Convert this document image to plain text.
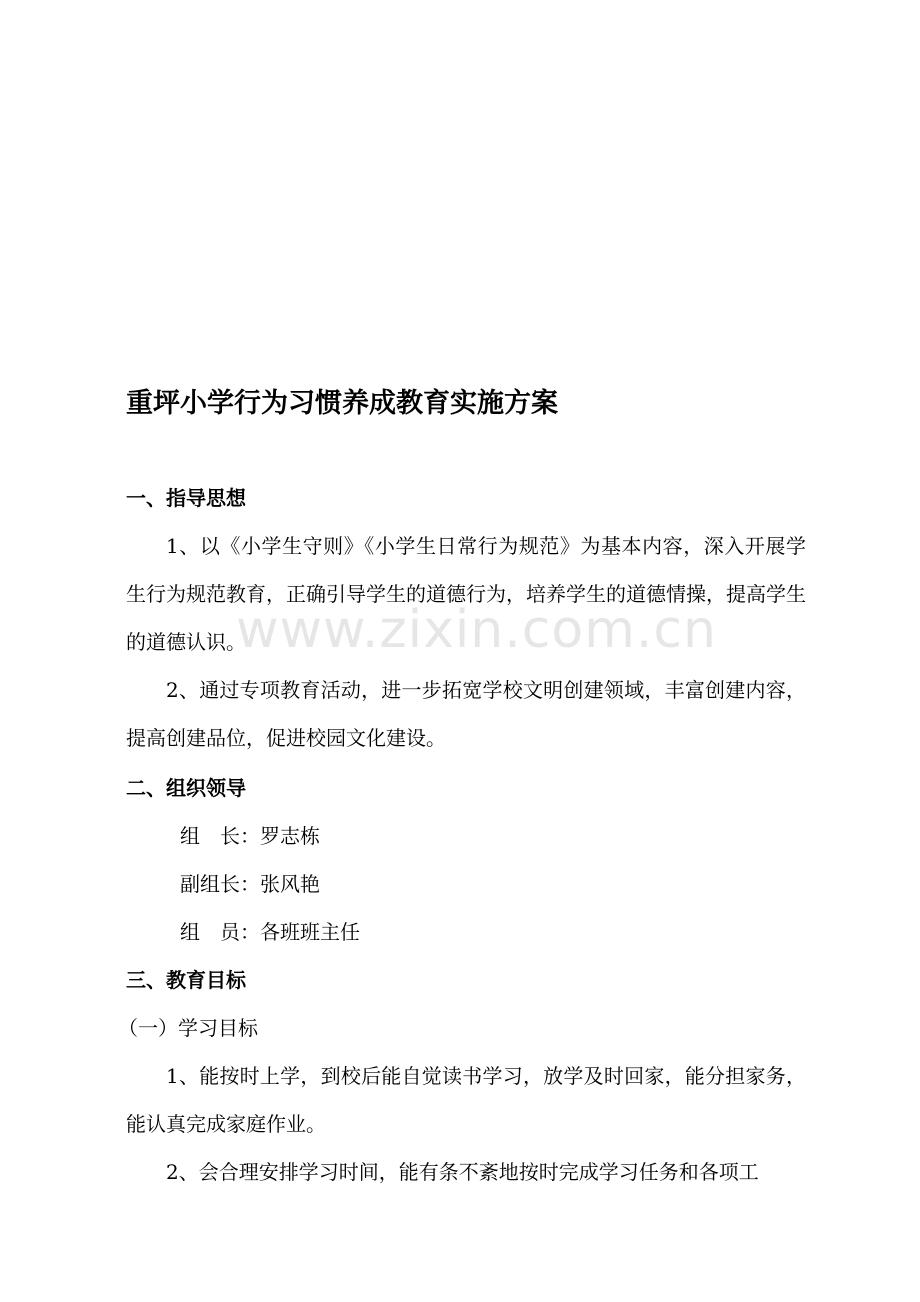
重坪小学行为习惯养成教育实施方案
一、指导思想

1、以《小学生守则》《小学生日常行为规范》为基本内容，深入开展学生行为规范教育，正确引导学生的道德行为，培养学生的道德情操，提高学生的道德认识。

2、通过专项教育活动，进一步拓宽学校文明创建领域，丰富创建内容，提高创建品位，促进校园文化建设。

二、组织领导

组　长：罗志栋

副组长：张风艳

组　员：各班班主任

三、教育目标

（一）学习目标

1、能按时上学，到校后能自觉读书学习，放学及时回家，能分担家务，能认真完成家庭作业。

2、会合理安排学习时间，能有条不紊地按时完成学习任务和各项工

www.zixin.com.cn
